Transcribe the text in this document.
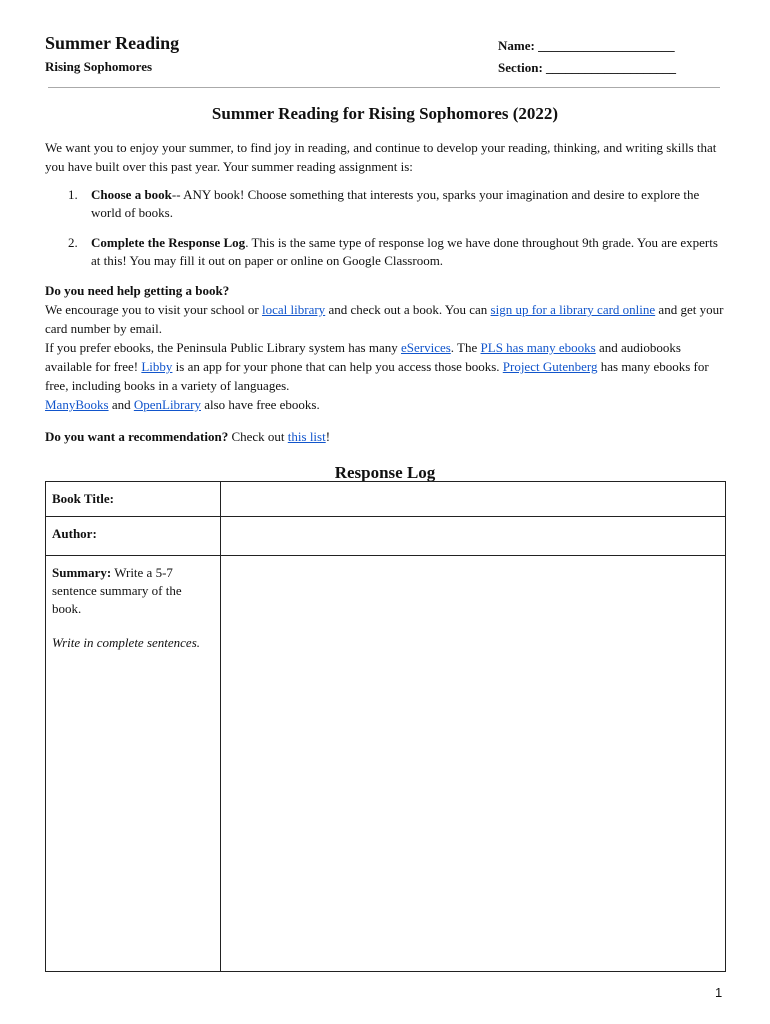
Summer Reading
Rising Sophomores
Name: _____________________
Section: ____________________
Summer Reading for Rising Sophomores (2022)
We want you to enjoy your summer, to find joy in reading, and continue to develop your reading, thinking, and writing skills that you have built over this past year. Your summer reading assignment is:
1. Choose a book-- ANY book! Choose something that interests you, sparks your imagination and desire to explore the world of books.
2. Complete the Response Log. This is the same type of response log we have done throughout 9th grade. You are experts at this! You may fill it out on paper or online on Google Classroom.
Do you need help getting a book?
We encourage you to visit your school or local library and check out a book. You can sign up for a library card online and get your card number by email.
If you prefer ebooks, the Peninsula Public Library system has many eServices. The PLS has many ebooks and audiobooks available for free! Libby is an app for your phone that can help you access those books. Project Gutenberg has many ebooks for free, including books in a variety of languages.
ManyBooks and OpenLibrary also have free ebooks.
Do you want a recommendation? Check out this list!
Response Log
Book Title:	

Author:	

Summary: Write a 5-7 sentence summary of the book.
Write in complete sentences.	

1
